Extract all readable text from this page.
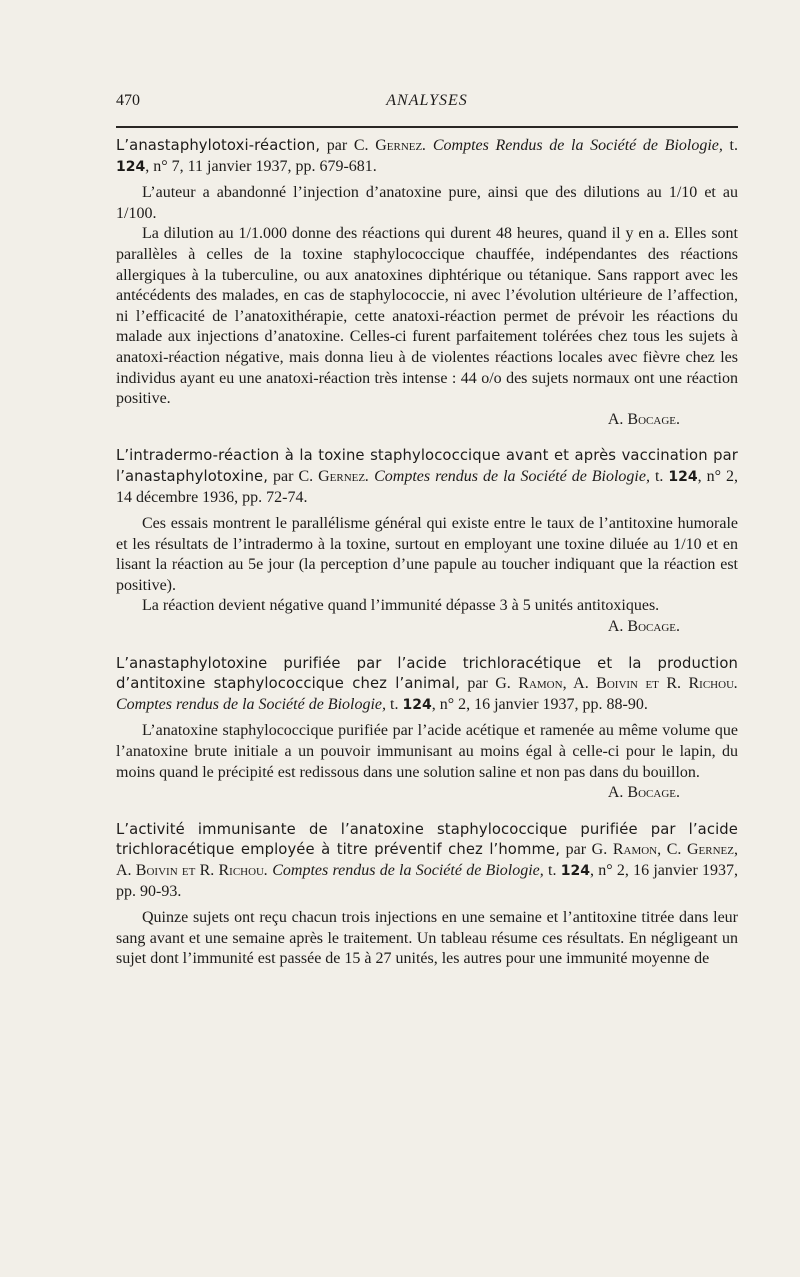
470	ANALYSES

L’anastaphylotoxi-réaction, par C. Gernez. Comptes Rendus de la Société de Biologie, t. 124, n° 7, 11 janvier 1937, pp. 679-681.

L’auteur a abandonné l’injection d’anatoxine pure, ainsi que des dilutions au 1/10 et au 1/100.

La dilution au 1/1.000 donne des réactions qui durent 48 heures, quand il y en a. Elles sont parallèles à celles de la toxine staphylococcique chauffée, indépendantes des réactions allergiques à la tuberculine, ou aux anatoxines diphtérique ou tétanique. Sans rapport avec les antécédents des malades, en cas de staphylococcie, ni avec l’évolution ultérieure de l’affection, ni l’efficacité de l’anatoxithérapie, cette anatoxi-réaction permet de prévoir les réactions du malade aux injections d’anatoxine. Celles-ci furent parfaitement tolérées chez tous les sujets à anatoxi-réaction négative, mais donna lieu à de violentes réactions locales avec fièvre chez les individus ayant eu une anatoxi-réaction très intense : 44 o/o des sujets normaux ont une réaction positive.

A. Bocage.

L’intradermo-réaction à la toxine staphylococcique avant et après vaccination par l’anastaphylotoxine, par C. Gernez. Comptes rendus de la Société de Biologie, t. 124, n° 2, 14 décembre 1936, pp. 72-74.

Ces essais montrent le parallélisme général qui existe entre le taux de l’antitoxine humorale et les résultats de l’intradermo à la toxine, surtout en employant une toxine diluée au 1/10 et en lisant la réaction au 5e jour (la perception d’une papule au toucher indiquant que la réaction est positive).

La réaction devient négative quand l’immunité dépasse 3 à 5 unités antitoxiques.

A. Bocage.

L’anastaphylotoxine purifiée par l’acide trichloracétique et la production d’antitoxine staphylococcique chez l’animal, par G. Ramon, A. Boivin et R. Richou. Comptes rendus de la Société de Biologie, t. 124, n° 2, 16 janvier 1937, pp. 88-90.

L’anatoxine staphylococcique purifiée par l’acide acétique et ramenée au même volume que l’anatoxine brute initiale a un pouvoir immunisant au moins égal à celle-ci pour le lapin, du moins quand le précipité est redissous dans une solution saline et non pas dans du bouillon.

A. Bocage.

L’activité immunisante de l’anatoxine staphylococcique purifiée par l’acide trichloracétique employée à titre préventif chez l’homme, par G. Ramon, C. Gernez, A. Boivin et R. Richou. Comptes rendus de la Société de Biologie, t. 124, n° 2, 16 janvier 1937, pp. 90-93.

Quinze sujets ont reçu chacun trois injections en une semaine et l’antitoxine titrée dans leur sang avant et une semaine après le traitement. Un tableau résume ces résultats. En négligeant un sujet dont l’immunité est passée de 15 à 27 unités, les autres pour une immunité moyenne de
